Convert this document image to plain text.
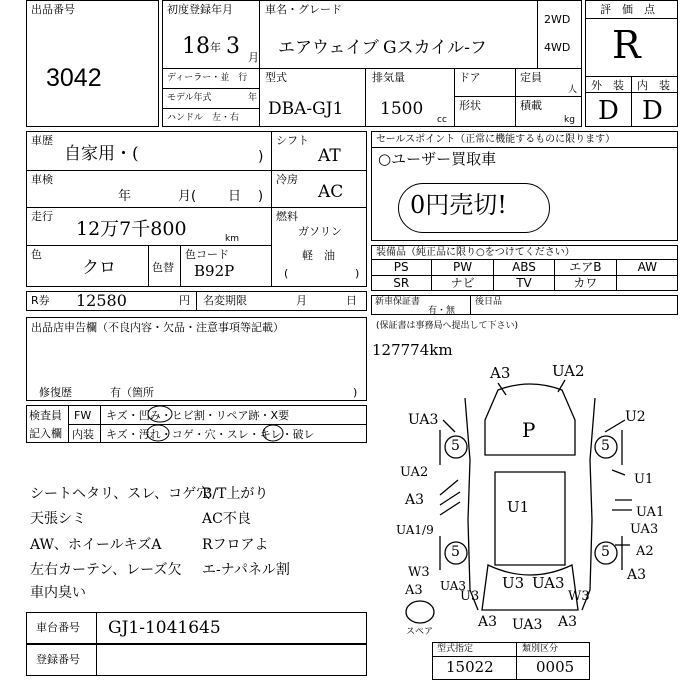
出品番号
3042
初度登録年月
18 年 3 月
車名・グレード
エアウェイブ Gスカイル-フ
2WD
4WD
ディーラー・並　行
モデル年式	年
ハンドル　左・右
型式
DBA-GJ1
排気量
1500
cc
ドア	定員
人
形状	積載
kg
評　価　点
R
外　装 内　装
D D
車歴
自家用・(	)
車検
年	月( 日 )
走行
12万7千800	km
色
クロ	色替
色コード
B92P
シフト
AT
冷房
AC
燃料
ガソリン
軽　油
(	)
R券 12580	円 名変期限	月	日
セールスポイント（正常に機能するものに限ります）
○ユーザー買取車
0円売切!
装備品（純正品に限り○をつけてください）
PS	PW	ABS	エアB	AW
SR	ナビ	TV	カワ
新車保証書
有・無
後日品
出品店申告欄（不良内容・欠品・注意事項等記載）
修復歴	有（箇所	)
検査員
記入欄
FW キズ・凹み・ヒビ割・リペア跡・X要
内装 キズ・汚れ・コゲ・穴・スレ・キレ・破レ
シートヘタリ、スレ、コゲ穴
天張シミ
AW、ホイールキズA
左右カーテン、レーズ欠
車内臭い
B/T上がり
AC不良
Rフロアよ
エ-ナパネル割
(保証書は事務局へ提出して下さい)
127774km
A3	UA2
UA3	U2
P
5	5
5	5
U1
UA2
A3
U1
UA1
UA1/9
A2
UA3
A3
W3
A3	U3 UA3
U3	W3
UA3
A3 UA3 A3
スペア
車台番号 GJ1-1041645
登録番号
型式指定	類別区分
15022	0005
